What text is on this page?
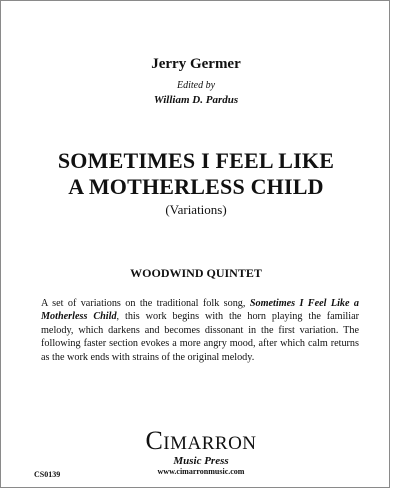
Jerry Germer
Edited by
William D. Pardus
SOMETIMES I FEEL LIKE
A MOTHERLESS CHILD
(Variations)
WOODWIND QUINTET
A set of variations on the traditional folk song, Sometimes I Feel Like a Motherless Child, this work begins with the horn playing the familiar melody, which darkens and becomes dissonant in the first variation. The following faster section evokes a more angry mood, after which calm returns as the work ends with strains of the original melody.
CIMARRON
Music Press
www.cimarronmusic.com
CS0139
